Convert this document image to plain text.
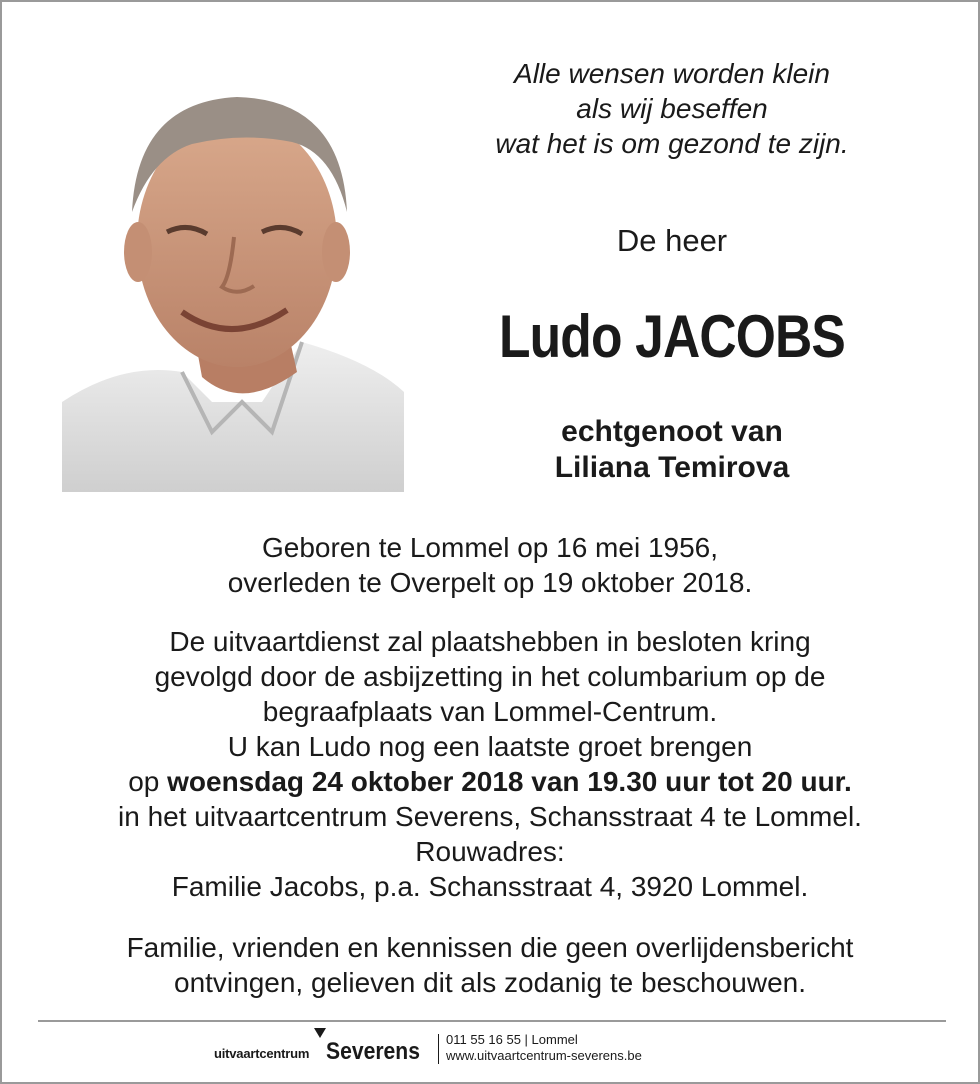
Alle wensen worden klein
als wij beseffen
wat het is om gezond te zijn.
De heer
Ludo JACOBS
echtgenoot van
Liliana Temirova
Geboren te Lommel op 16 mei 1956,
overleden te Overpelt op 19 oktober 2018.
De uitvaartdienst zal plaatshebben in besloten kring
gevolgd door de asbijzetting in het columbarium op de
begraafplaats van Lommel-Centrum.
U kan Ludo nog een laatste groet brengen
op woensdag 24 oktober 2018 van 19.30 uur tot 20 uur.
in het uitvaartcentrum Severens, Schansstraat 4 te Lommel.
Rouwadres:
Familie Jacobs, p.a. Schansstraat 4, 3920 Lommel.
Familie, vrienden en kennissen die geen overlijdensbericht
ontvingen, gelieven dit als zodanig te beschouwen.
uitvaartcentrum Severens 011 55 16 55 | Lommel
www.uitvaartcentrum-severens.be
